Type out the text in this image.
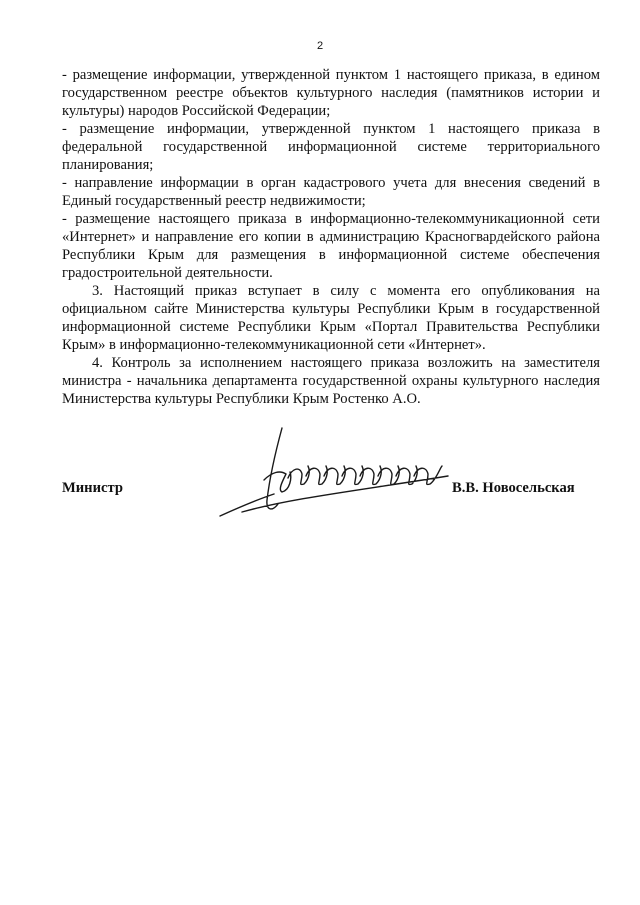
2

- размещение информации, утвержденной пунктом 1 настоящего приказа, в едином государственном реестре объектов культурного наследия (памятников истории и культуры) народов Российской Федерации;

- размещение информации, утвержденной пунктом 1 настоящего приказа в федеральной государственной информационной системе территориального планирования;

- направление информации в орган кадастрового учета для внесения сведений в Единый государственный реестр недвижимости;

- размещение настоящего приказа в информационно-телекоммуникационной сети «Интернет» и направление его копии в администрацию Красногвардейского района Республики Крым для размещения в информационной системе обеспечения градостроительной деятельности.

3. Настоящий приказ вступает в силу с момента его опубликования на официальном сайте Министерства культуры Республики Крым в государственной информационной системе Республики Крым «Портал Правительства Республики Крым» в информационно-телекоммуникационной сети «Интернет».

4. Контроль за исполнением настоящего приказа возложить на заместителя министра - начальника департамента государственной охраны культурного наследия Министерства культуры Республики Крым Ростенко А.О.

Министр	В.В. Новосельская
